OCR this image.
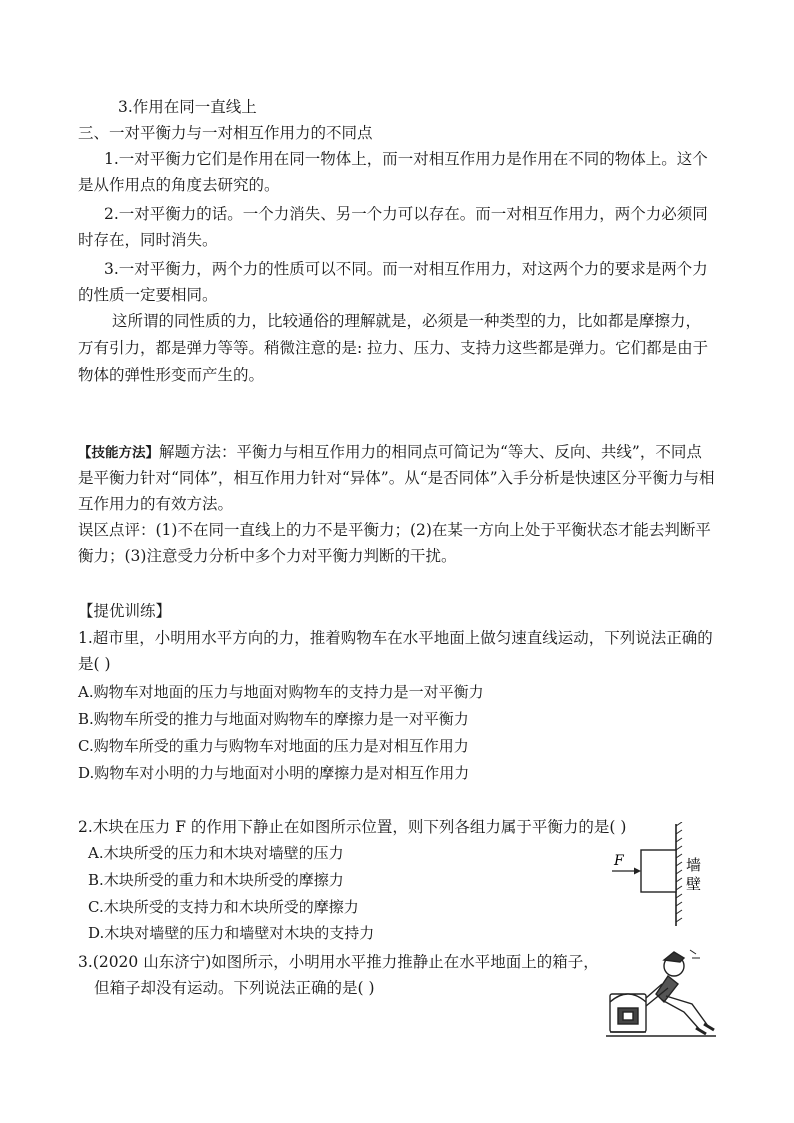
3.作用在同一直线上
三、一对平衡力与一对相互作用力的不同点
1.一对平衡力它们是作用在同一物体上，而一对相互作用力是作用在不同的物体上。这个
是从作用点的角度去研究的。
2.一对平衡力的话。一个力消失、另一个力可以存在。而一对相互作用力，两个力必须同
时存在，同时消失。
3.一对平衡力，两个力的性质可以不同。而一对相互作用力，对这两个力的要求是两个力
的性质一定要相同。
这所谓的同性质的力，比较通俗的理解就是，必须是一种类型的力，比如都是摩擦力，
万有引力，都是弹力等等。稍微注意的是: 拉力、压力、支持力这些都是弹力。它们都是由于
物体的弹性形变而产生的。
【技能方法】解题方法：平衡力与相互作用力的相同点可简记为“等大、反向、共线”，不同点
是平衡力针对“同体”，相互作用力针对“异体”。从“是否同体”入手分析是快速区分平衡力与相
互作用力的有效方法。
误区点评：(1)不在同一直线上的力不是平衡力；(2)在某一方向上处于平衡状态才能去判断平
衡力；(3)注意受力分析中多个力对平衡力判断的干扰。
【提优训练】
1.超市里，小明用水平方向的力，推着购物车在水平地面上做匀速直线运动，下列说法正确的
是( )
A.购物车对地面的压力与地面对购物车的支持力是一对平衡力
B.购物车所受的推力与地面对购物车的摩擦力是一对平衡力
C.购物车所受的重力与购物车对地面的压力是对相互作用力
D.购物车对小明的力与地面对小明的摩擦力是对相互作用力
2.木块在压力 F 的作用下静止在如图所示位置，则下列各组力属于平衡力的是( )
A.木块所受的压力和木块对墙壁的压力
B.木块所受的重力和木块所受的摩擦力
C.木块所受的支持力和木块所受的摩擦力
D.木块对墙壁的压力和墙壁对木块的支持力
F	墙
壁
3.(2020 山东济宁)如图所示，小明用水平推力推静止在水平地面上的箱子，
但箱子却没有运动。下列说法正确的是( )
